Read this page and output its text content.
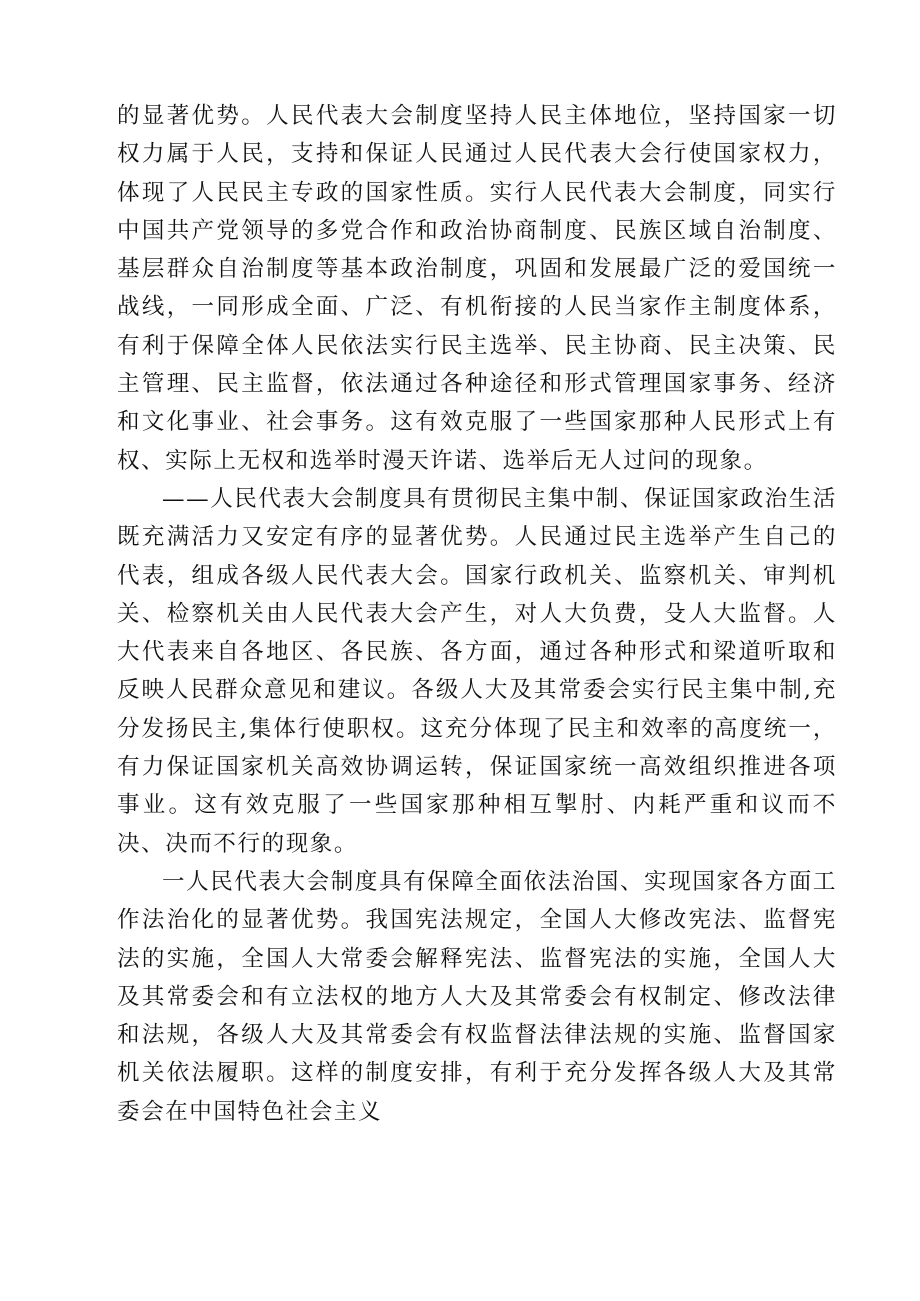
的显著优势。人民代表大会制度坚持人民主体地位，坚持国家一切权力属于人民，支持和保证人民通过人民代表大会行使国家权力，体现了人民民主专政的国家性质。实行人民代表大会制度，同实行中国共产党领导的多党合作和政治协商制度、民族区域自治制度、基层群众自治制度等基本政治制度，巩固和发展最广泛的爱国统一战线，一同形成全面、广泛、有机衔接的人民当家作主制度体系，有利于保障全体人民依法实行民主选举、民主协商、民主决策、民主管理、民主监督，依法通过各种途径和形式管理国家事务、经济和文化事业、社会事务。这有效克服了一些国家那种人民形式上有权、实际上无权和选举时漫天许诺、选举后无人过问的现象。

——人民代表大会制度具有贯彻民主集中制、保证国家政治生活既充满活力又安定有序的显著优势。人民通过民主选举产生自己的代表，组成各级人民代表大会。国家行政机关、监察机关、审判机关、检察机关由人民代表大会产生，对人大负费，殳人大监督。人大代表来自各地区、各民族、各方面，通过各种形式和梁道听取和反映人民群众意见和建议。各级人大及其常委会实行民主集中制,充分发扬民主,集体行使职权。这充分体现了民主和效率的高度统一，有力保证国家机关高效协调运转，保证国家统一高效组织推进各项事业。这有效克服了一些国家那种相互掣肘、内耗严重和议而不决、决而不行的现象。

一人民代表大会制度具有保障全面依法治国、实现国家各方面工作法治化的显著优势。我国宪法规定，全国人大修改宪法、监督宪法的实施，全国人大常委会解释宪法、监督宪法的实施，全国人大及其常委会和有立法权的地方人大及其常委会有权制定、修改法律和法规，各级人大及其常委会有权监督法律法规的实施、监督国家机关依法履职。这样的制度安排，有利于充分发挥各级人大及其常委会在中国特色社会主义
